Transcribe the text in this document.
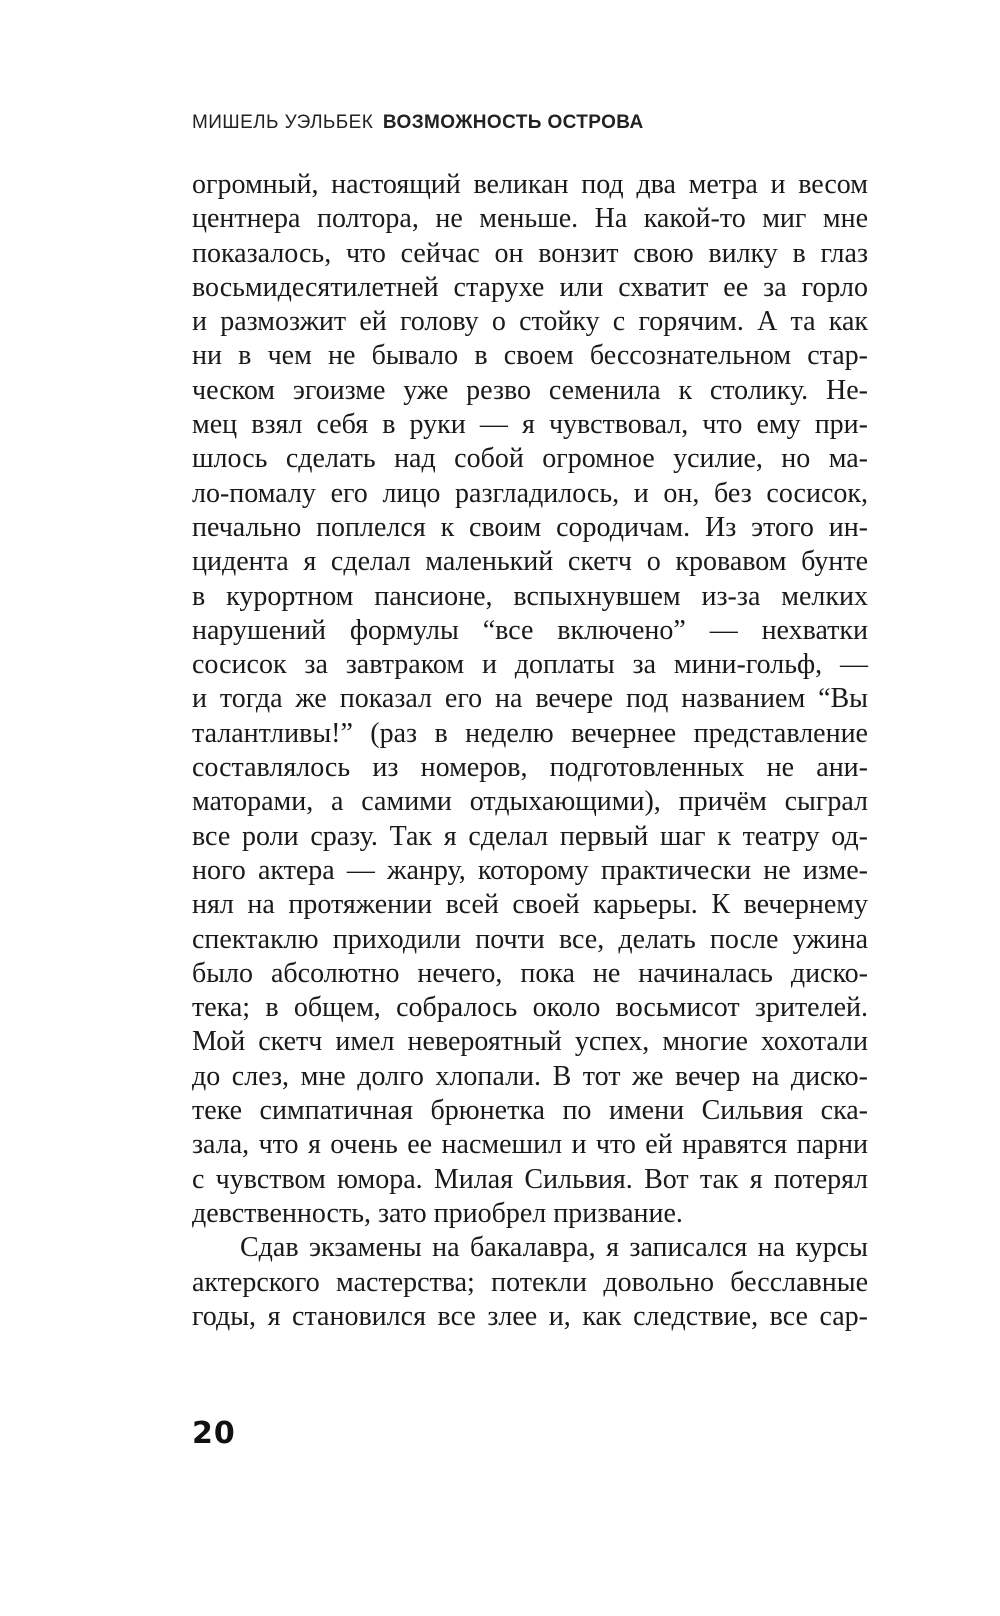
МИШЕЛЬ УЭЛЬБЕК ВОЗМОЖНОСТЬ ОСТРОВА
огромный, настоящий великан под два метра и весом
центнера полтора, не меньше. На какой-то миг мне
показалось, что сейчас он вонзит свою вилку в глаз
восьмидесятилетней старухе или схватит ее за горло
и размозжит ей голову о стойку с горячим. А та как
ни в чем не бывало в своем бессознательном стар-
ческом эгоизме уже резво семенила к столику. Не-
мец взял себя в руки — я чувствовал, что ему при-
шлось сделать над собой огромное усилие, но ма-
ло-помалу его лицо разгладилось, и он, без сосисок,
печально поплелся к своим сородичам. Из этого ин-
цидента я сделал маленький скетч о кровавом бунте
в курортном пансионе, вспыхнувшем из-за мелких
нарушений формулы “все включено” — нехватки
сосисок за завтраком и доплаты за мини-гольф, —
и тогда же показал его на вечере под названием “Вы
талантливы!” (раз в неделю вечернее представление
составлялось из номеров, подготовленных не ани-
маторами, а самими отдыхающими), причём сыграл
все роли сразу. Так я сделал первый шаг к театру од-
ного актера — жанру, которому практически не изме-
нял на протяжении всей своей карьеры. К вечернему
спектаклю приходили почти все, делать после ужина
было абсолютно нечего, пока не начиналась диско-
тека; в общем, собралось около восьмисот зрителей.
Мой скетч имел невероятный успех, многие хохотали
до слез, мне долго хлопали. В тот же вечер на диско-
теке симпатичная брюнетка по имени Сильвия ска-
зала, что я очень ее насмешил и что ей нравятся парни
с чувством юмора. Милая Сильвия. Вот так я потерял
девственность, зато приобрел призвание.
Сдав экзамены на бакалавра, я записался на курсы
актерского мастерства; потекли довольно бесславные
годы, я становился все злее и, как следствие, все сар-
20
